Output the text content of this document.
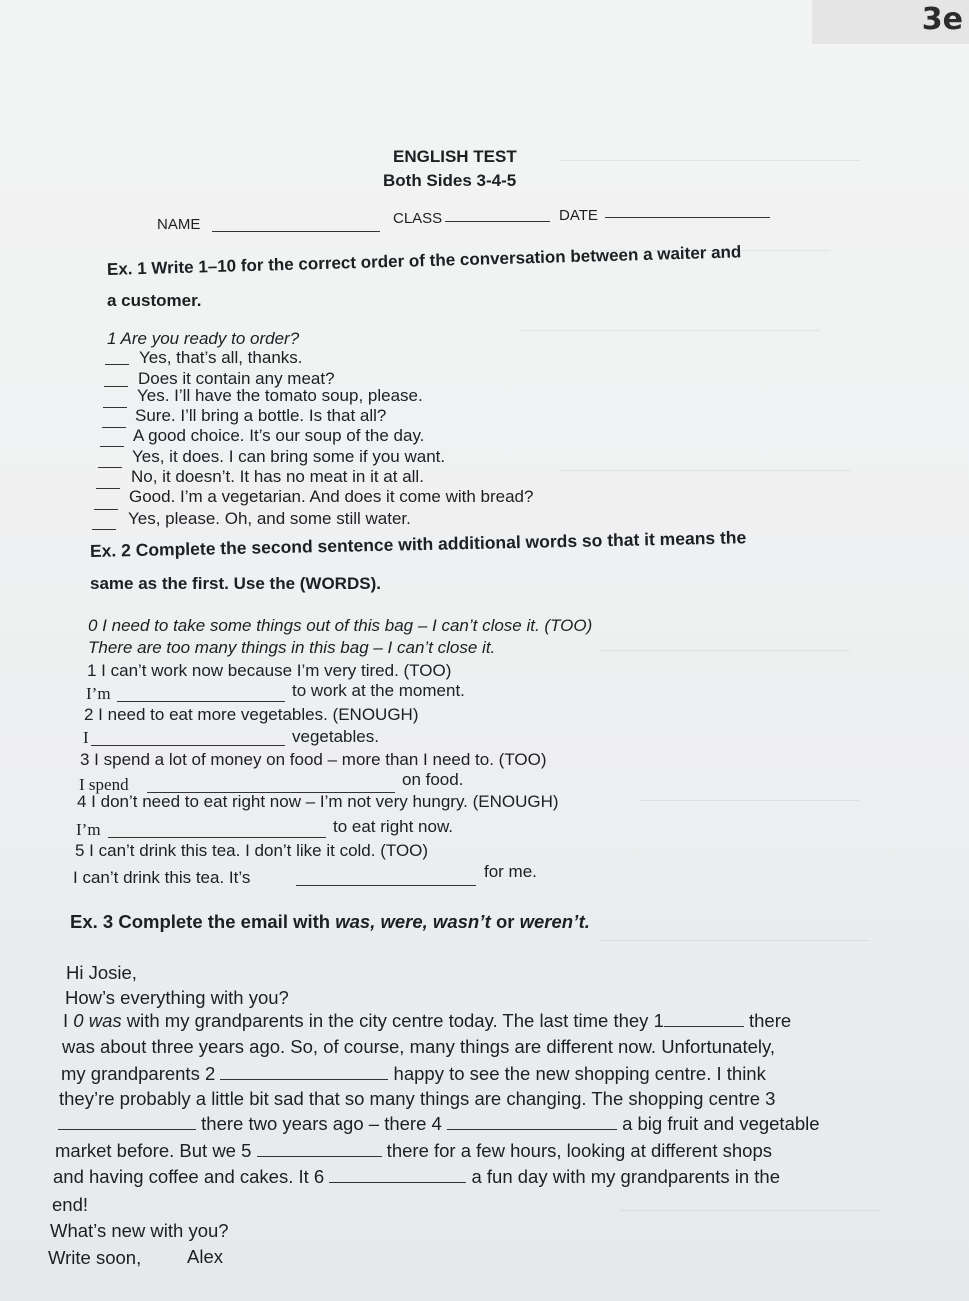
3e
ENGLISH TEST
Both Sides 3-4-5
NAME	CLASS	DATE
Ex. 1 Write 1–10 for the correct order of the conversation between a waiter and
a customer.
1 Are you ready to order?
Yes, that’s all, thanks.
Does it contain any meat?
Yes. I’ll have the tomato soup, please.
Sure. I’ll bring a bottle. Is that all?
A good choice. It’s our soup of the day.
Yes, it does. I can bring some if you want.
No, it doesn’t. It has no meat in it at all.
Good. I’m a vegetarian. And does it come with bread?
Yes, please. Oh, and some still water.
Ex. 2 Complete the second sentence with additional words so that it means the
same as the first. Use the (WORDS).
0 I need to take some things out of this bag – I can’t close it. (TOO)
There are too many things in this bag – I can’t close it.
1 I can’t work now because I’m very tired. (TOO)
I’m	to work at the moment.
2 I need to eat more vegetables. (ENOUGH)
I	vegetables.
3 I spend a lot of money on food – more than I need to. (TOO)
I spend	on food.
4 I don’t need to eat right now – I’m not very hungry. (ENOUGH)
I’m	to eat right now.
5 I can’t drink this tea. I don’t like it cold. (TOO)
I can’t drink this tea. It’s	for me.
Ex. 3 Complete the email with was, were, wasn’t or weren’t.
Hi Josie,
How’s everything with you?
I 0 was with my grandparents in the city centre today. The last time they 1	there
was about three years ago. So, of course, many things are different now. Unfortunately,
my grandparents 2	happy to see the new shopping centre. I think
they’re probably a little bit sad that so many things are changing. The shopping centre 3
there two years ago – there 4	a big fruit and vegetable
market before. But we 5	there for a few hours, looking at different shops
and having coffee and cakes. It 6	a fun day with my grandparents in the
end!
What’s new with you?
Write soon, Alex
